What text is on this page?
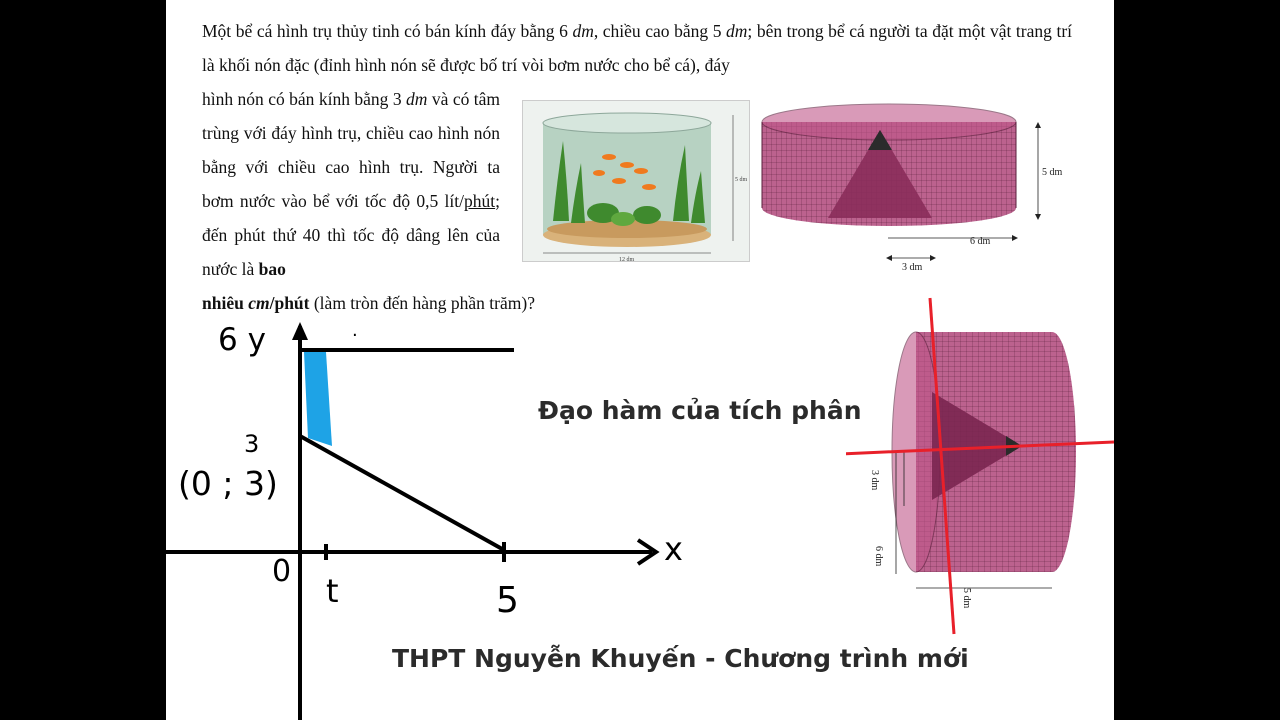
Một bể cá hình trụ thủy tinh có bán kính đáy bằng 6 dm, chiều cao bằng 5 dm; bên trong bể cá người ta đặt một vật trang trí là khối nón đặc (đỉnh hình nón sẽ được bố trí vòi bơm nước cho bể cá), đáy

hình nón có bán kính bằng 3 dm và có tâm trùng với đáy hình trụ, chiều cao hình nón bằng với chiều cao hình trụ. Người ta bơm nước vào bể với tốc độ 0,5 lít/phút; đến phút thứ 40 thì tốc độ dâng lên của nước là bao

nhiêu cm/phút (làm tròn đến hàng phần trăm)?

5 dm
12 dm
5 dm
6 dm
3 dm
3 dm
6 dm
5 dm
6 y	.
3
(0 ; 3)
0
t	5
x
Đạo hàm của tích phân
THPT Nguyễn Khuyến - Chương trình mới
